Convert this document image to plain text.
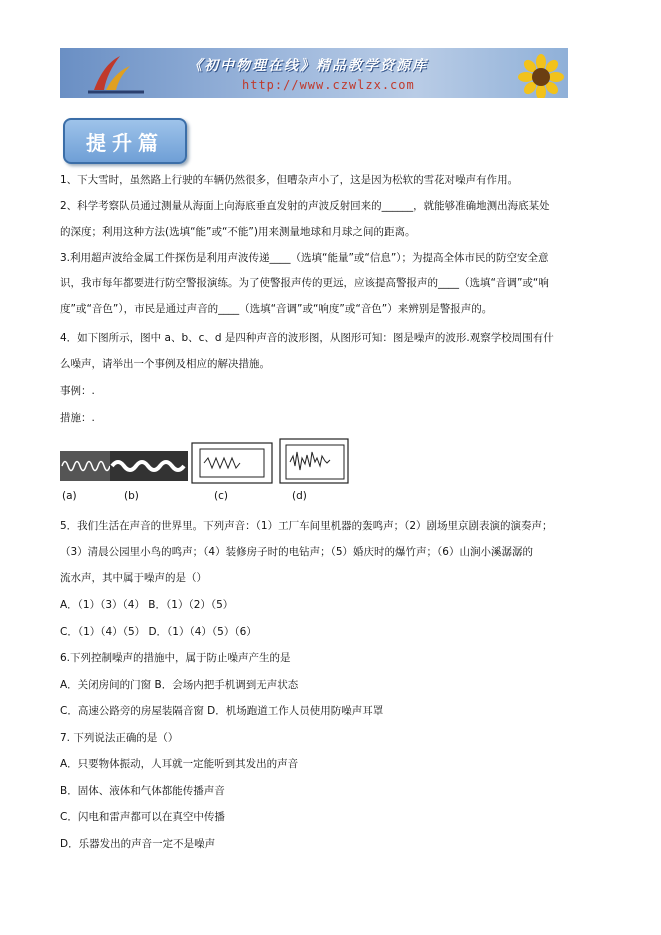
《初中物理在线》精品教学资源库
http://www.czwlzx.com
提升篇
1、下大雪时，虽然路上行驶的车辆仍然很多，但嘈杂声小了，这是因为松软的雪花对噪声有作用。
2、科学考察队员通过测量从海面上向海底垂直发射的声波反射回来的______，就能够准确地测出海底某处
的深度；利用这种方法(选填“能”或“不能”)用来测量地球和月球之间的距离。
3.利用超声波给金属工件探伤是利用声波传递____（选填“能量”或“信息”）；为提高全体市民的防空安全意
识，我市每年都要进行防空警报演练。为了使警报声传的更远，应该提高警报声的____（选填“音调”或“响
度”或“音色”），市民是通过声音的____（选填“音调”或“响度”或“音色”）来辨别是警报声的。
4．如下图所示，图中 a、b、c、d 是四种声音的波形图，从图形可知：图是噪声的波形.观察学校周围有什
么噪声，请举出一个事例及相应的解决措施。
事例：.
措施：.
(a)	(b)	(c)	(d)
5．我们生活在声音的世界里。下列声音：（1）工厂车间里机器的轰鸣声；（2）剧场里京剧表演的演奏声；
（3）清晨公园里小鸟的鸣声；（4）装修房子时的电钻声；（5）婚庆时的爆竹声；（6）山涧小溪潺潺的
流水声，其中属于噪声的是（）
A．（1）（3）（4） B．（1）（2）（5）
C．（1）（4）（5） D．（1）（4）（5）（6）
6.下列控制噪声的措施中，属于防止噪声产生的是
A．关闭房间的门窗 B．会场内把手机调到无声状态
C．高速公路旁的房屋装隔音窗 D．机场跑道工作人员使用防噪声耳罩
7. 下列说法正确的是（）
A．只要物体振动，人耳就一定能听到其发出的声音
B．固体、液体和气体都能传播声音
C．闪电和雷声都可以在真空中传播
D．乐器发出的声音一定不是噪声
